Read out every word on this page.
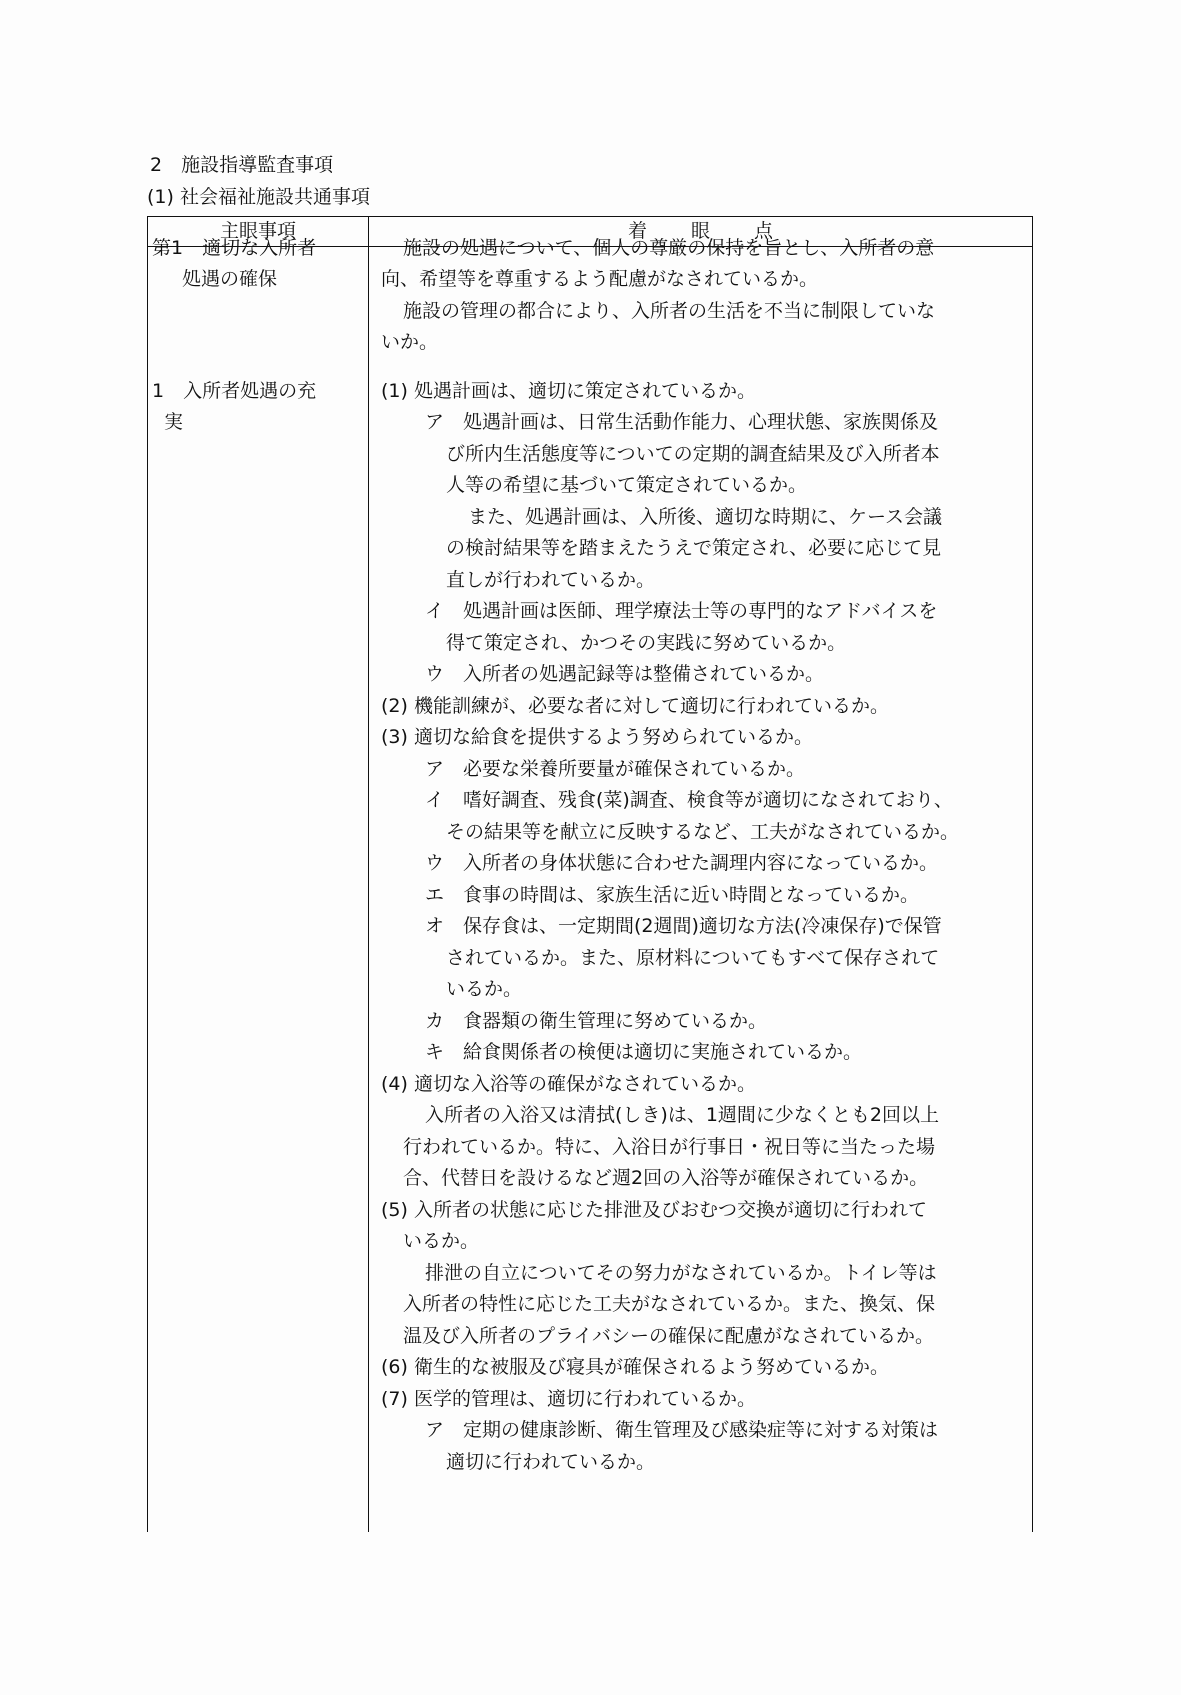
2　施設指導監査事項
(1) 社会福祉施設共通事項
主眼事項	着 眼 点
第1　適切な入所者
処遇の確保
1　入所者処遇の充
実
施設の処遇について、個人の尊厳の保持を旨とし、入所者の意
向、希望等を尊重するよう配慮がなされているか。
施設の管理の都合により、入所者の生活を不当に制限していな
いか。
(1) 処遇計画は、適切に策定されているか。
ア　処遇計画は、日常生活動作能力、心理状態、家族関係及
び所内生活態度等についての定期的調査結果及び入所者本
人等の希望に基づいて策定されているか。
また、処遇計画は、入所後、適切な時期に、ケース会議
の検討結果等を踏まえたうえで策定され、必要に応じて見
直しが行われているか。
イ　処遇計画は医師、理学療法士等の専門的なアドバイスを
得て策定され、かつその実践に努めているか。
ウ　入所者の処遇記録等は整備されているか。
(2) 機能訓練が、必要な者に対して適切に行われているか。
(3) 適切な給食を提供するよう努められているか。
ア　必要な栄養所要量が確保されているか。
イ　嗜好調査、残食(菜)調査、検食等が適切になされており、
その結果等を献立に反映するなど、工夫がなされているか。
ウ　入所者の身体状態に合わせた調理内容になっているか。
エ　食事の時間は、家族生活に近い時間となっているか。
オ　保存食は、一定期間(2週間)適切な方法(冷凍保存)で保管
されているか。また、原材料についてもすべて保存されて
いるか。
カ　食器類の衛生管理に努めているか。
キ　給食関係者の検便は適切に実施されているか。
(4) 適切な入浴等の確保がなされているか。
入所者の入浴又は清拭(しき)は、1週間に少なくとも2回以上
行われているか。特に、入浴日が行事日・祝日等に当たった場
合、代替日を設けるなど週2回の入浴等が確保されているか。
(5) 入所者の状態に応じた排泄及びおむつ交換が適切に行われて
いるか。
排泄の自立についてその努力がなされているか。トイレ等は
入所者の特性に応じた工夫がなされているか。また、換気、保
温及び入所者のプライバシーの確保に配慮がなされているか。
(6) 衛生的な被服及び寝具が確保されるよう努めているか。
(7) 医学的管理は、適切に行われているか。
ア　定期の健康診断、衛生管理及び感染症等に対する対策は
適切に行われているか。
